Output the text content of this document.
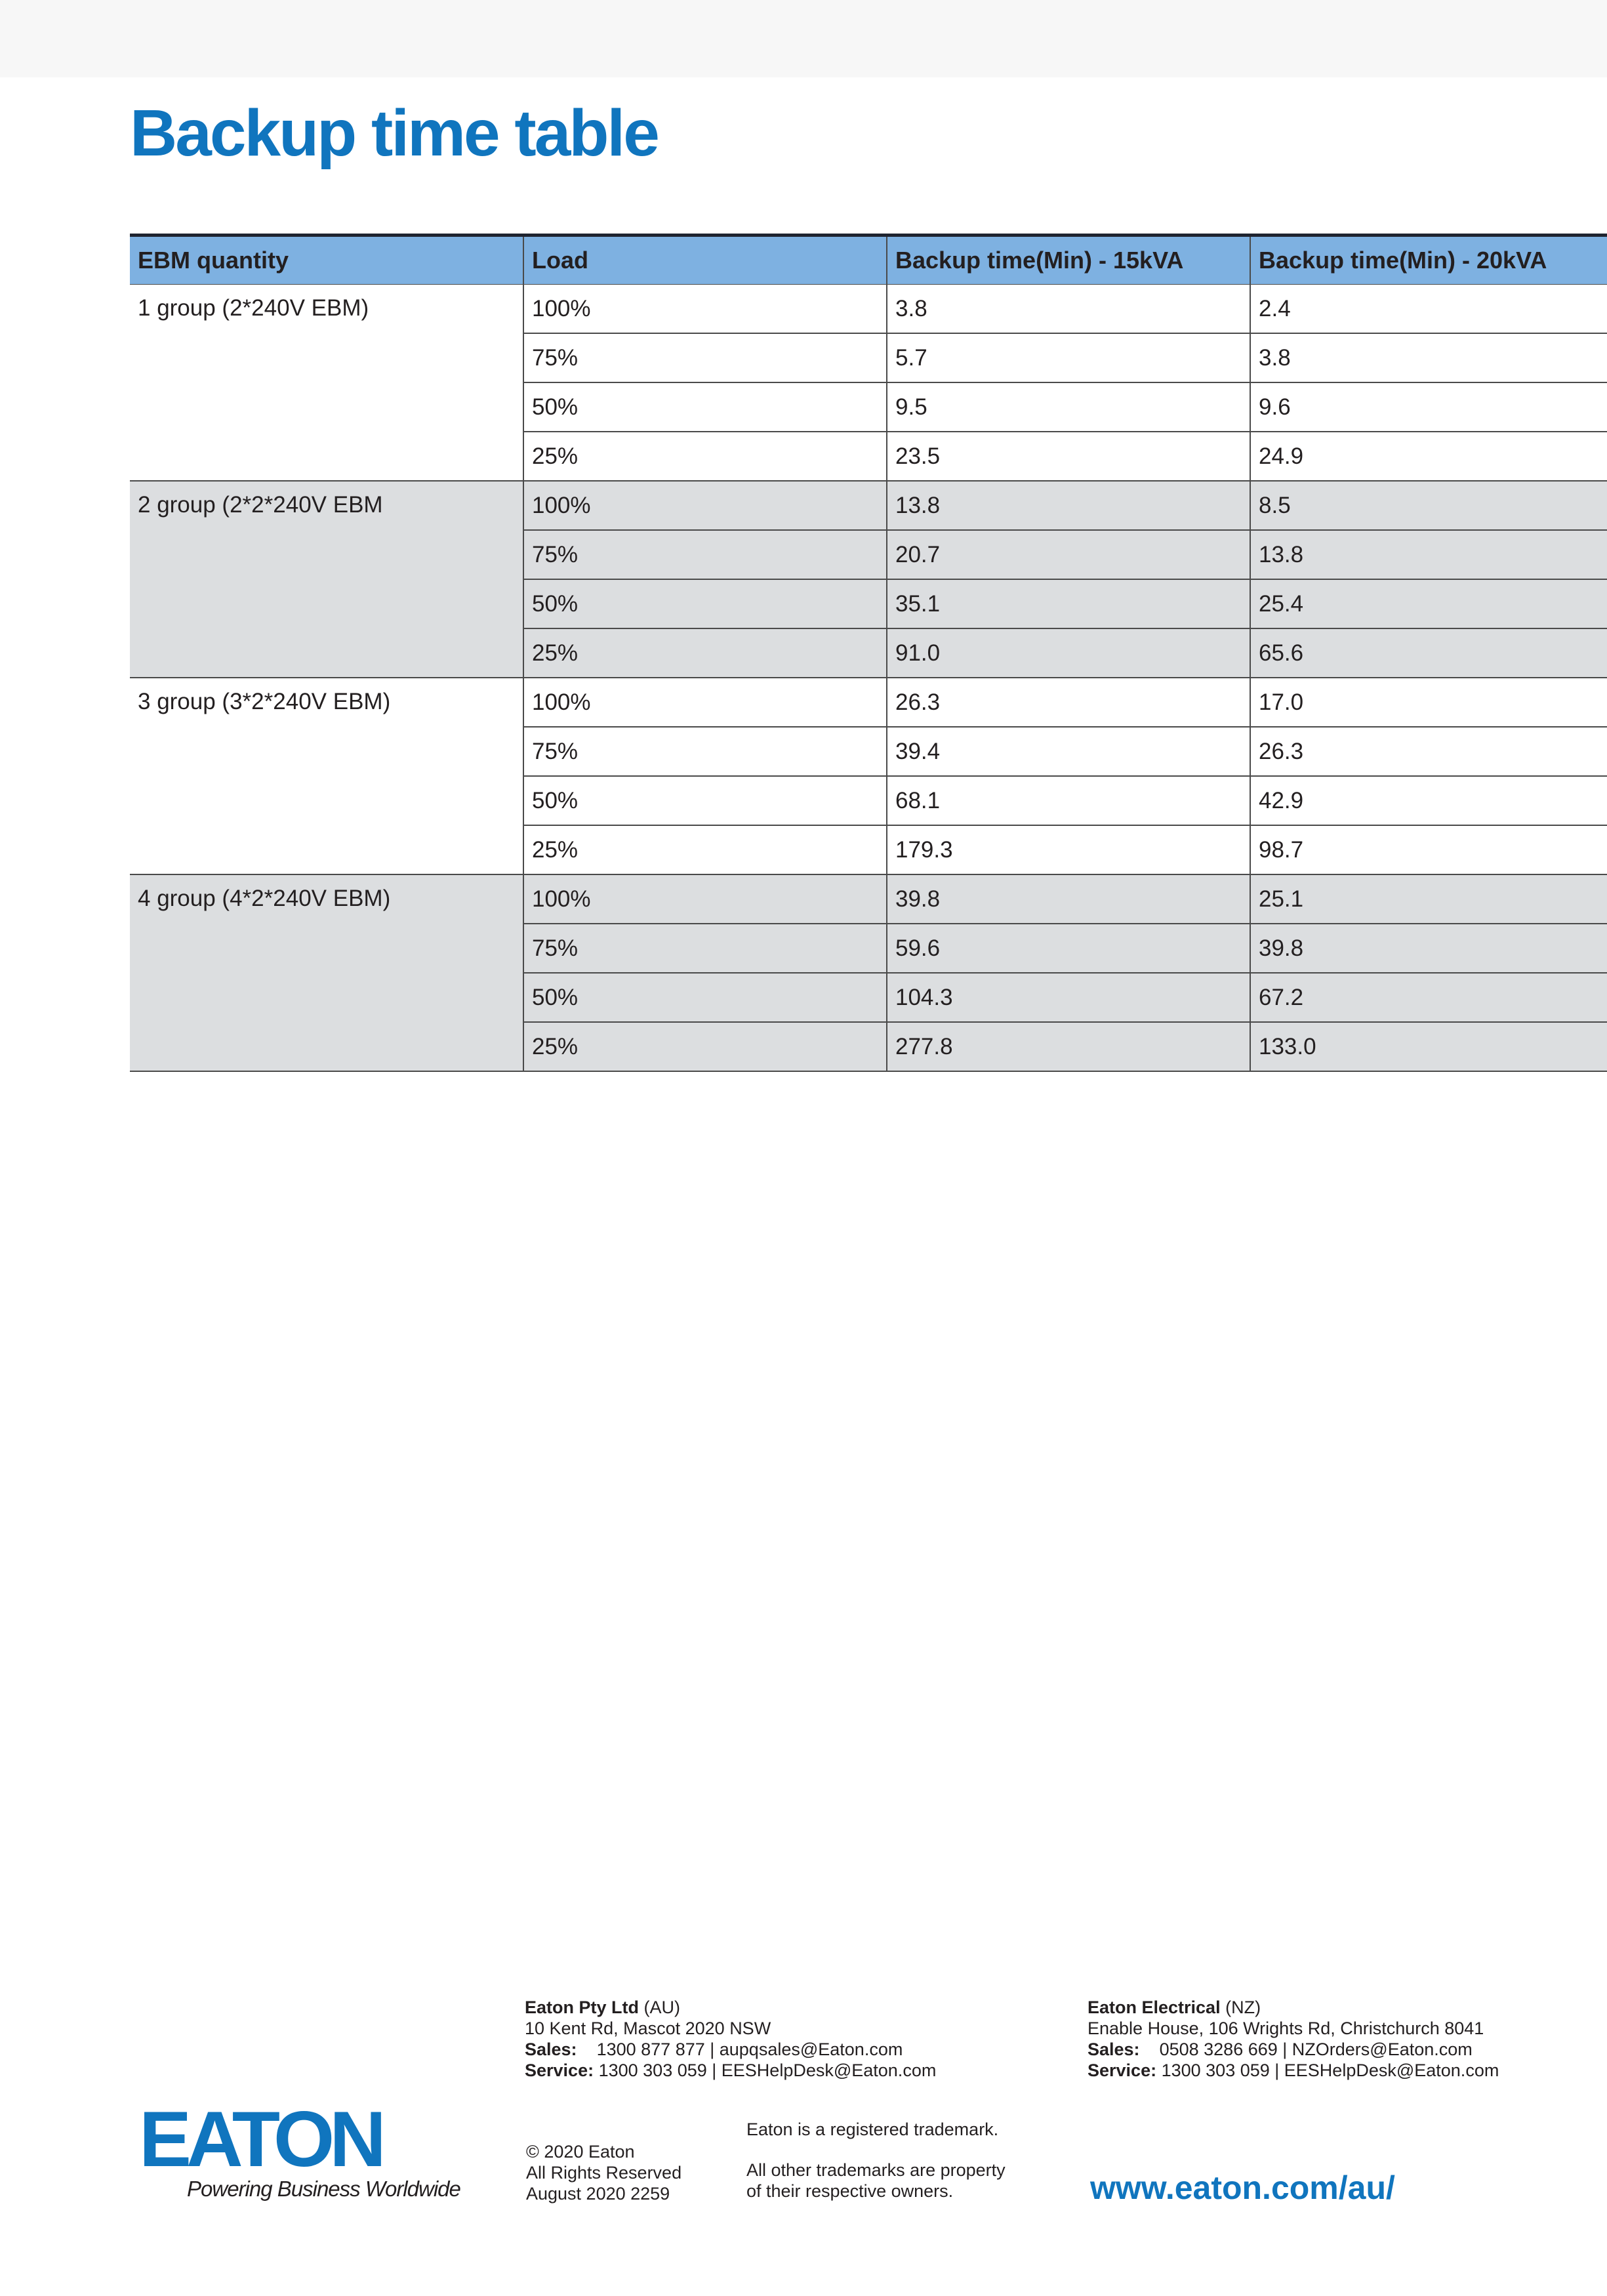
Backup time table
EBM quantity	Load	Backup time(Min) - 15kVA	Backup time(Min) - 20kVA
1 group (2*240V EBM)	100%	3.8	2.4
	75%	5.7	3.8
	50%	9.5	9.6
	25%	23.5	24.9
2 group (2*2*240V EBM	100%	13.8	8.5
	75%	20.7	13.8
	50%	35.1	25.4
	25%	91.0	65.6
3 group (3*2*240V EBM)	100%	26.3	17.0
	75%	39.4	26.3
	50%	68.1	42.9
	25%	179.3	98.7
4 group (4*2*240V EBM)	100%	39.8	25.1
	75%	59.6	39.8
	50%	104.3	67.2
	25%	277.8	133.0
Eaton Pty Ltd (AU)
10 Kent Rd, Mascot 2020 NSW
Sales: 1300 877 877 | aupqsales@Eaton.com
Service: 1300 303 059 | EESHelpDesk@Eaton.com
Eaton Electrical (NZ)
Enable House, 106 Wrights Rd, Christchurch 8041
Sales: 0508 3286 669 | NZOrders@Eaton.com
Service: 1300 303 059 | EESHelpDesk@Eaton.com
EATON
Powering Business Worldwide
© 2020 Eaton
All Rights Reserved
August 2020 2259
Eaton is a registered trademark.
All other trademarks are property
of their respective owners.	www.eaton.com/au/
